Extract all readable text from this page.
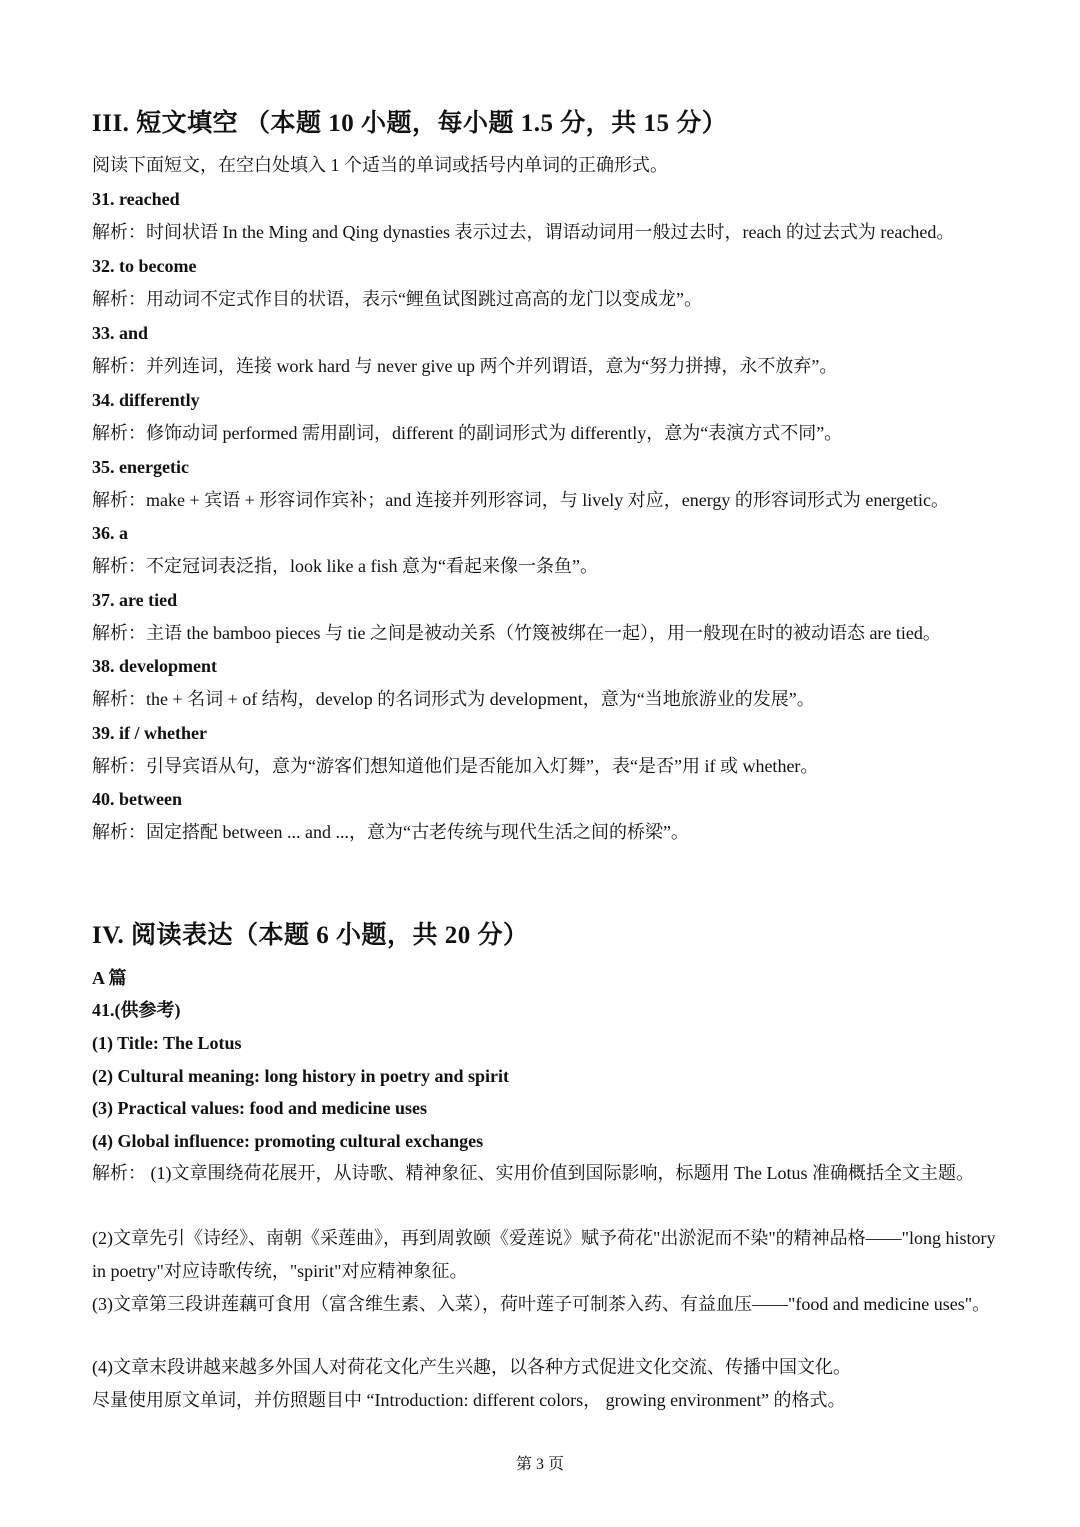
III. 短文填空 （本题 10 小题，每小题 1.5 分，共 15 分）
阅读下面短文，在空白处填入 1 个适当的单词或括号内单词的正确形式。
31. reached
解析：时间状语 In the Ming and Qing dynasties 表示过去，谓语动词用一般过去时，reach 的过去式为 reached。
32. to become
解析：用动词不定式作目的状语，表示“鲤鱼试图跳过高高的龙门以变成龙”。
33. and
解析：并列连词，连接 work hard 与 never give up 两个并列谓语，意为“努力拼搏，永不放弃”。
34. differently
解析：修饰动词 performed 需用副词，different 的副词形式为 differently，意为“表演方式不同”。
35. energetic
解析：make + 宾语 + 形容词作宾补；and 连接并列形容词，与 lively 对应，energy 的形容词形式为 energetic。
36. a
解析：不定冠词表泛指，look like a fish 意为“看起来像一条鱼”。
37. are tied
解析：主语 the bamboo pieces 与 tie 之间是被动关系（竹篾被绑在一起），用一般现在时的被动语态 are tied。
38. development
解析：the + 名词 + of 结构，develop 的名词形式为 development，意为“当地旅游业的发展”。
39. if / whether
解析：引导宾语从句，意为“游客们想知道他们是否能加入灯舞”，表“是否”用 if 或 whether。
40. between
解析：固定搭配 between ... and ...，意为“古老传统与现代生活之间的桥梁”。
IV. 阅读表达（本题 6 小题，共 20 分）
A 篇
41.(供参考)
(1) Title: The Lotus
(2) Cultural meaning: long history in poetry and spirit
(3) Practical values: food and medicine uses
(4) Global influence: promoting cultural exchanges
解析： (1)文章围绕荷花展开，从诗歌、精神象征、实用价值到国际影响，标题用 The Lotus 准确概括全文主题。
(2)文章先引《诗经》、南朝《采莲曲》，再到周敦颐《爱莲说》赋予荷花"出淤泥而不染"的精神品格——"long history in poetry"对应诗歌传统，"spirit"对应精神象征。
(3)文章第三段讲莲藕可食用（富含维生素、入菜），荷叶莲子可制茶入药、有益血压——"food and medicine uses"。
(4)文章末段讲越来越多外国人对荷花文化产生兴趣，以各种方式促进文化交流、传播中国文化。
尽量使用原文单词，并仿照题目中 “Introduction: different colors， growing environment” 的格式。
第 3 页
